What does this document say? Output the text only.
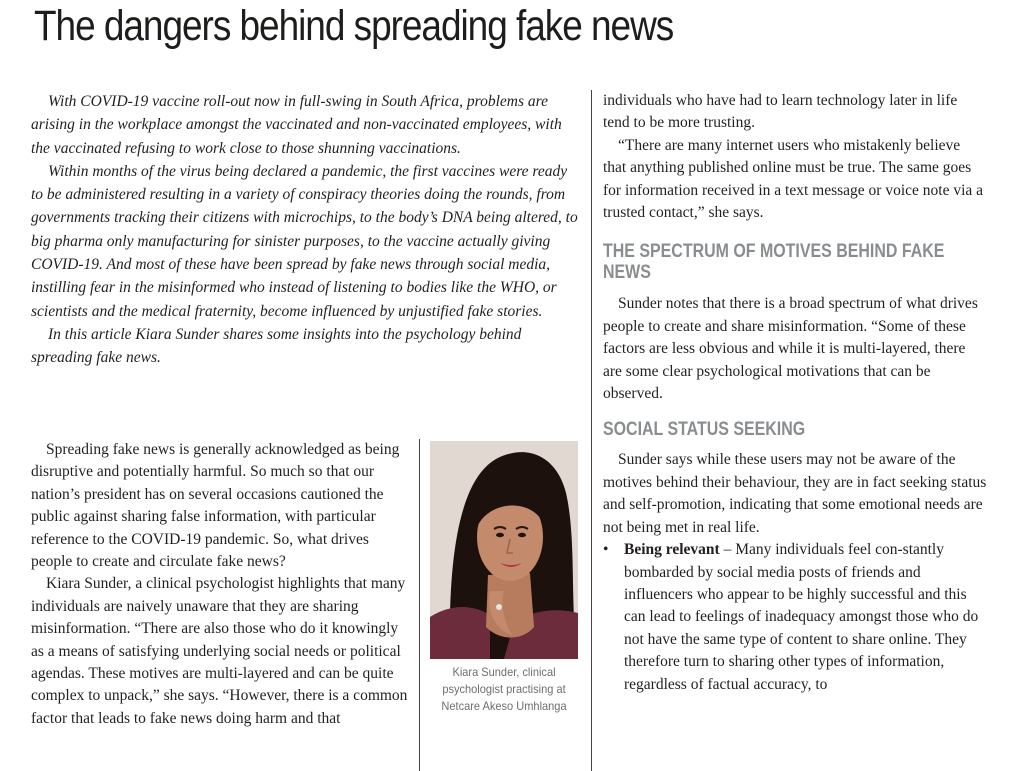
The dangers behind spreading fake news

With COVID-19 vaccine roll-out now in full-swing in South Africa, problems are arising in the workplace amongst the vaccinated and non-vaccinated employees, with the vaccinated refusing to work close to those shunning vaccinations.

Within months of the virus being declared a pandemic, the first vaccines were ready to be administered resulting in a variety of conspiracy theories doing the rounds, from governments tracking their citizens with microchips, to the body’s DNA being altered, to big pharma only manufacturing for sinister purposes, to the vaccine actually giving COVID-19. And most of these have been spread by fake news through social media, instilling fear in the misinformed who instead of listening to bodies like the WHO, or scientists and the medical fraternity, become influenced by unjustified fake stories.

In this article Kiara Sunder shares some insights into the psychology behind spreading fake news.

Spreading fake news is generally acknowledged as being disruptive and potentially harmful. So much so that our nation’s president has on several occasions cautioned the public against sharing false information, with particular reference to the COVID-19 pandemic. So, what drives people to create and circulate fake news?

Kiara Sunder, a clinical psychologist highlights that many individuals are naively unaware that they are sharing misinformation. “There are also those who do it knowingly as a means of satisfying underlying social needs or political agendas. These motives are multi-layered and can be quite complex to unpack,” she says. “However, there is a common factor that leads to fake news doing harm and that

Kiara Sunder, clinical psychologist practising at Netcare Akeso Umhlanga

individuals who have had to learn technology later in life tend to be more trusting.

“There are many internet users who mistakenly believe that anything published online must be true. The same goes for information received in a text message or voice note via a trusted contact,” she says.

THE SPECTRUM OF MOTIVES BEHIND FAKE NEWS

Sunder notes that there is a broad spectrum of what drives people to create and share misinformation. “Some of these factors are less obvious and while it is multi-layered, there are some clear psychological motivations that can be observed.

SOCIAL STATUS SEEKING

Sunder says while these users may not be aware of the motives behind their behaviour, they are in fact seeking status and self-promotion, indicating that some emotional needs are not being met in real life.

• Being relevant – Many individuals feel con-stantly bombarded by social media posts of friends and influencers who appear to be highly successful and this can lead to feelings of inadequacy amongst those who do not have the same type of content to share online. They therefore turn to sharing other types of information, regardless of factual accuracy, to
